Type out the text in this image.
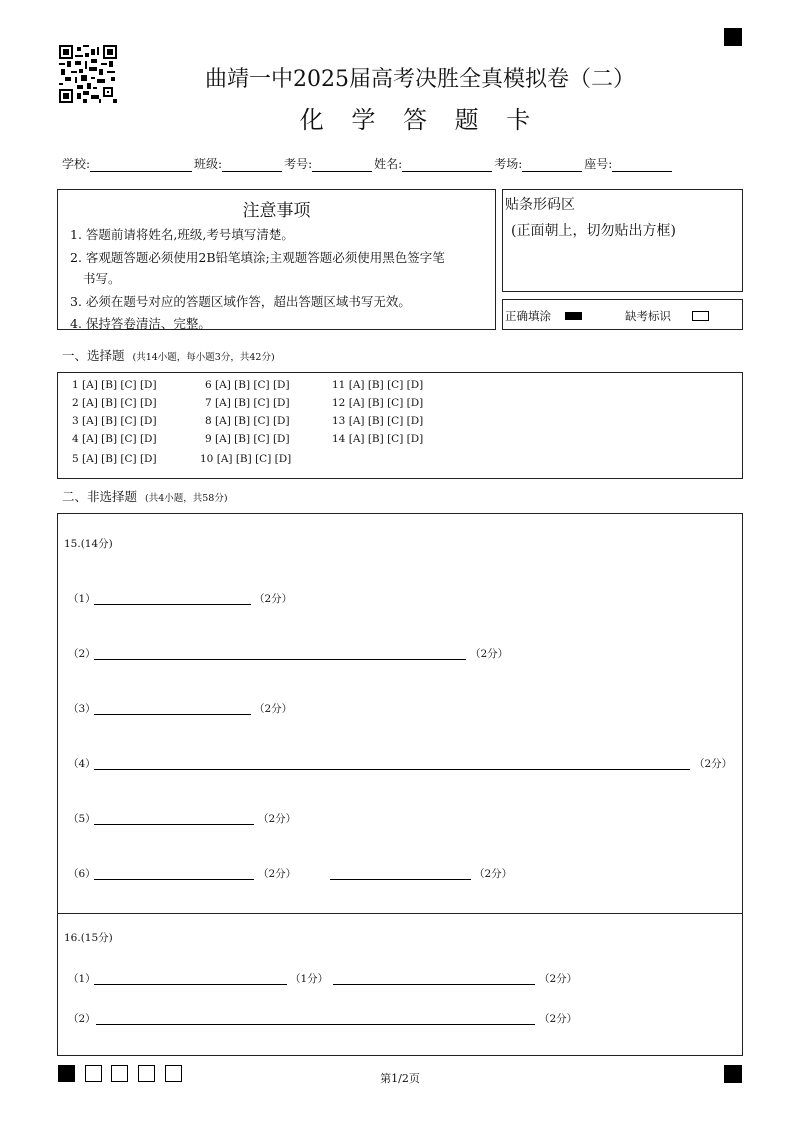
曲靖一中2025届高考决胜全真模拟卷（二）
化 学 答 题 卡
学校:	班级:	考号:	姓名:	考场:	座号:
注意事项
1. 答题前请将姓名,班级,考号填写清楚。
2. 客观题答题必须使用2B铅笔填涂;主观题答题必须使用黑色签字笔
书写。
3. 必须在题号对应的答题区域作答，超出答题区域书写无效。
4. 保持答卷清洁、完整。
贴条形码区
(正面朝上，切勿贴出方框)
正确填涂	缺考标识
一、选择题 (共14小题，每小题3分，共42分)
1 [A] [B] [C] [D]
2 [A] [B] [C] [D]
3 [A] [B] [C] [D]
4 [A] [B] [C] [D]
5 [A] [B] [C] [D]
6 [A] [B] [C] [D]
7 [A] [B] [C] [D]
8 [A] [B] [C] [D]
9 [A] [B] [C] [D]
10 [A] [B] [C] [D]
11 [A] [B] [C] [D]
12 [A] [B] [C] [D]
13 [A] [B] [C] [D]
14 [A] [B] [C] [D]
二、非选择题 (共4小题，共58分)
15.(14分)
（1）	（2分）
（2）	（2分）
（3）	（2分）
（4）	（2分）
（5）	（2分）
（6）	（2分）	（2分）
16.(15分)
（1）	（1分）	（2分）
（2）	（2分）
第1/2页
